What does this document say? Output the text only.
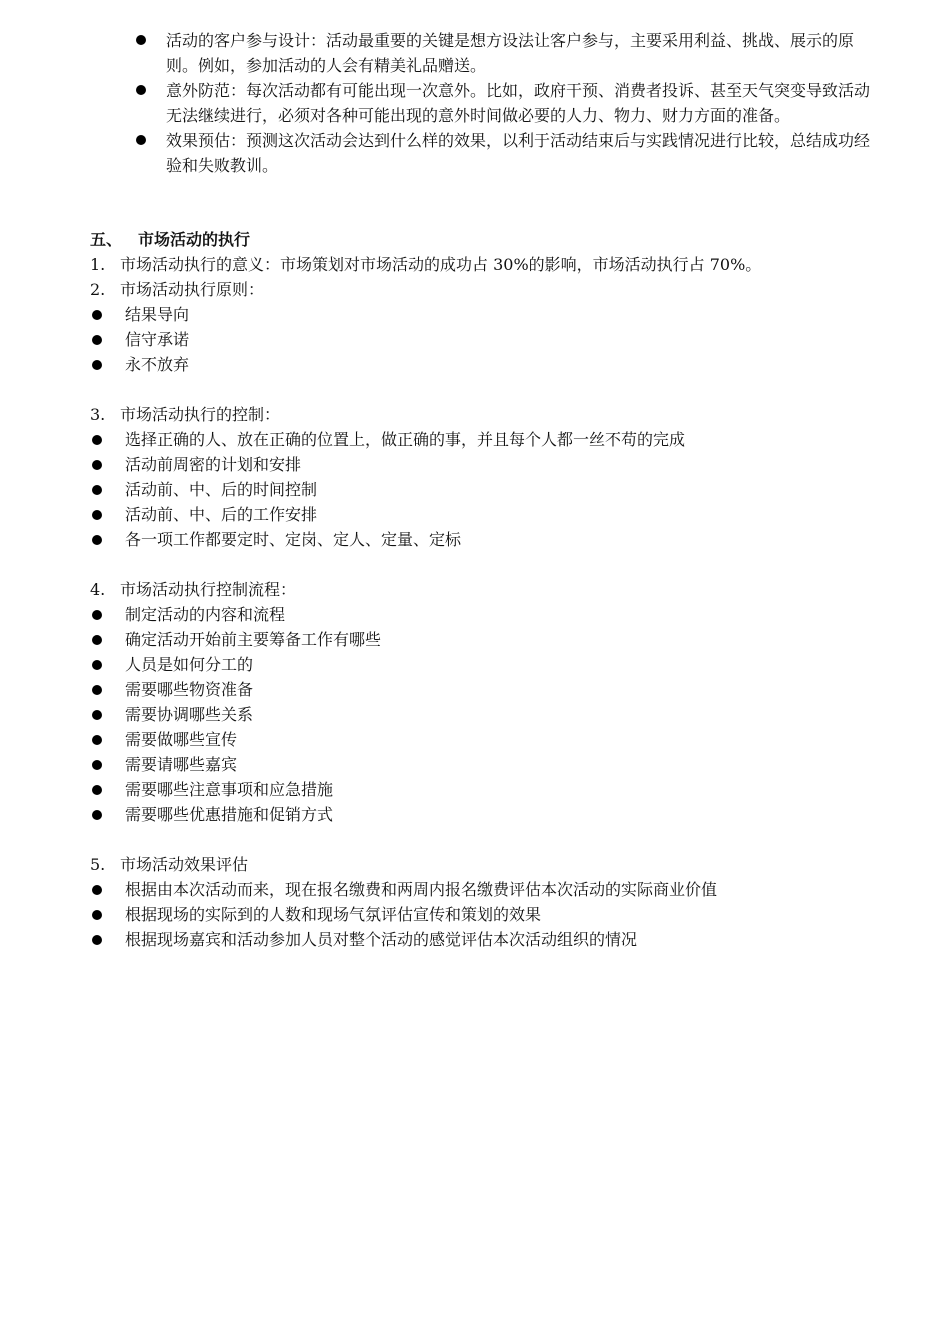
活动的客户参与设计：活动最重要的关键是想方设法让客户参与，主要采用利益、挑战、展示的原则。例如，参加活动的人会有精美礼品赠送。
意外防范：每次活动都有可能出现一次意外。比如，政府干预、消费者投诉、甚至天气突变导致活动无法继续进行，必须对各种可能出现的意外时间做必要的人力、物力、财力方面的准备。
效果预估：预测这次活动会达到什么样的效果，以利于活动结束后与实践情况进行比较，总结成功经验和失败教训。
五、 市场活动的执行
1. 市场活动执行的意义：市场策划对市场活动的成功占 30%的影响，市场活动执行占 70%。
2. 市场活动执行原则：
结果导向
信守承诺
永不放弃
3. 市场活动执行的控制：
选择正确的人、放在正确的位置上，做正确的事，并且每个人都一丝不苟的完成
活动前周密的计划和安排
活动前、中、后的时间控制
活动前、中、后的工作安排
各一项工作都要定时、定岗、定人、定量、定标
4. 市场活动执行控制流程：
制定活动的内容和流程
确定活动开始前主要筹备工作有哪些
人员是如何分工的
需要哪些物资准备
需要协调哪些关系
需要做哪些宣传
需要请哪些嘉宾
需要哪些注意事项和应急措施
需要哪些优惠措施和促销方式
5. 市场活动效果评估
根据由本次活动而来，现在报名缴费和两周内报名缴费评估本次活动的实际商业价值
根据现场的实际到的人数和现场气氛评估宣传和策划的效果
根据现场嘉宾和活动参加人员对整个活动的感觉评估本次活动组织的情况
